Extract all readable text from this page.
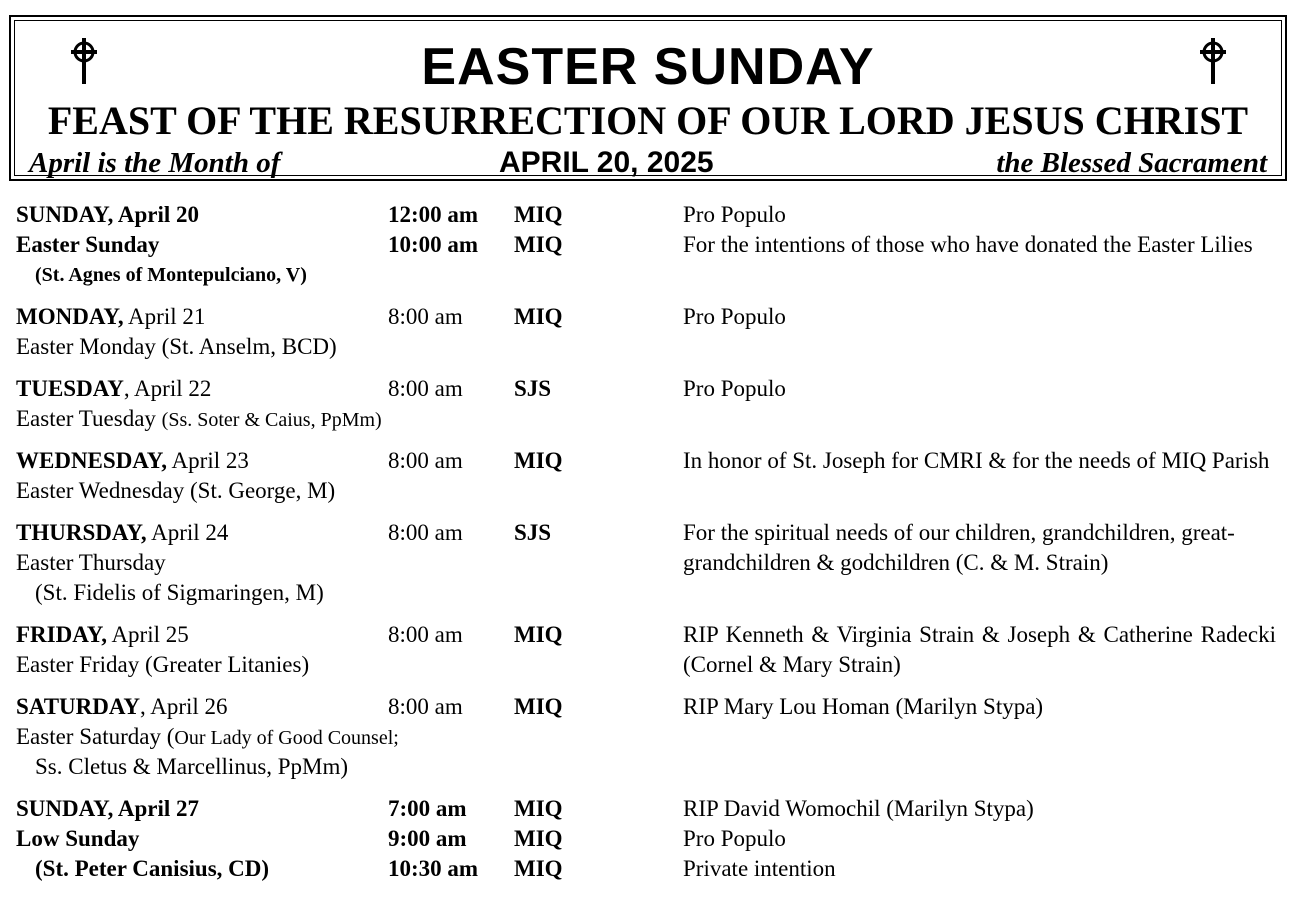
EASTER SUNDAY
FEAST OF THE RESURRECTION OF OUR LORD JESUS CHRIST
April is the Month of	APRIL 20, 2025	the Blessed Sacrament
SUNDAY, April 20	12:00 am MIQ	Pro Populo
Easter Sunday	10:00 am MIQ	For the intentions of those who have donated the Easter Lilies
(St. Agnes of Montepulciano, V)
MONDAY, April 21	8:00 am MIQ	Pro Populo
Easter Monday (St. Anselm, BCD)
TUESDAY, April 22	8:00 am SJS	Pro Populo
Easter Tuesday (Ss. Soter & Caius, PpMm)
WEDNESDAY, April 23	8:00 am MIQ	In honor of St. Joseph for CMRI & for the needs of MIQ Parish
Easter Wednesday (St. George, M)
THURSDAY, April 24	8:00 am SJS	For the spiritual needs of our children, grandchildren, great-grandchildren & godchildren (C. & M. Strain)
Easter Thursday
(St. Fidelis of Sigmaringen, M)
FRIDAY, April 25	8:00 am MIQ	RIP Kenneth & Virginia Strain & Joseph & Catherine Radecki (Cornel & Mary Strain)
Easter Friday (Greater Litanies)
SATURDAY, April 26	8:00 am MIQ	RIP Mary Lou Homan (Marilyn Stypa)
Easter Saturday (Our Lady of Good Counsel;
Ss. Cletus & Marcellinus, PpMm)
SUNDAY, April 27	7:00 am MIQ	RIP David Womochil (Marilyn Stypa)
Low Sunday	9:00 am MIQ	Pro Populo
(St. Peter Canisius, CD)	10:30 am MIQ	Private intention
